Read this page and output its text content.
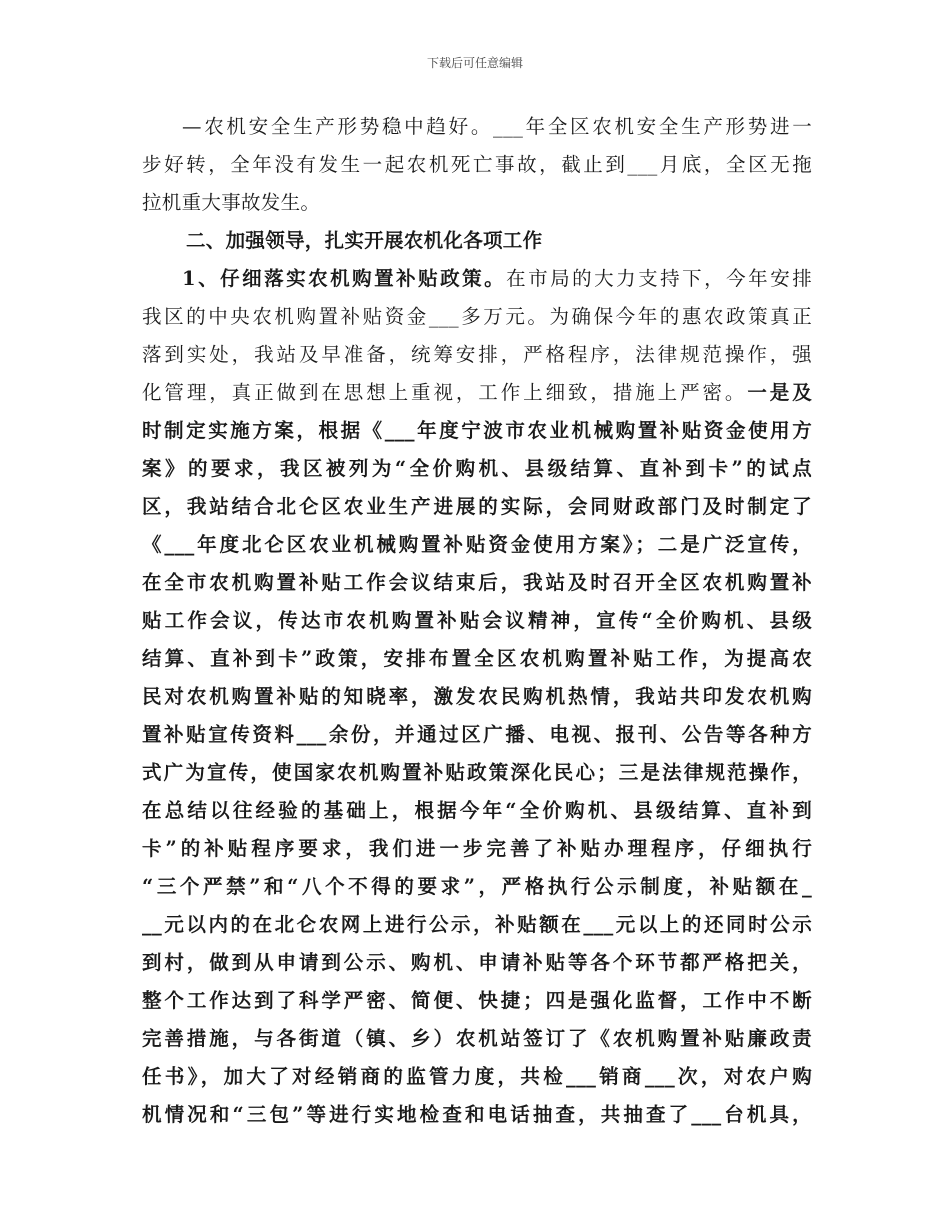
下载后可任意编辑
—农机安全生产形势稳中趋好。___年全区农机安全生产形势进一
步好转，全年没有发生一起农机死亡事故，截止到___月底，全区无拖
拉机重大事故发生。
二、加强领导，扎实开展农机化各项工作
1、仔细落实农机购置补贴政策。在市局的大力支持下，今年安排
我区的中央农机购置补贴资金___多万元。为确保今年的惠农政策真正
落到实处，我站及早准备，统筹安排，严格程序，法律规范操作，强
化管理，真正做到在思想上重视，工作上细致，措施上严密。一是及
时制定实施方案，根据《___年度宁波市农业机械购置补贴资金使用方
案》的要求，我区被列为“全价购机、县级结算、直补到卡”的试点
区，我站结合北仑区农业生产进展的实际，会同财政部门及时制定了
《___年度北仑区农业机械购置补贴资金使用方案》；二是广泛宣传，
在全市农机购置补贴工作会议结束后，我站及时召开全区农机购置补
贴工作会议，传达市农机购置补贴会议精神，宣传“全价购机、县级
结算、直补到卡”政策，安排布置全区农机购置补贴工作，为提高农
民对农机购置补贴的知晓率，激发农民购机热情，我站共印发农机购
置补贴宣传资料___余份，并通过区广播、电视、报刊、公告等各种方
式广为宣传，使国家农机购置补贴政策深化民心；三是法律规范操作，
在总结以往经验的基础上，根据今年“全价购机、县级结算、直补到
卡”的补贴程序要求，我们进一步完善了补贴办理程序，仔细执行
“三个严禁”和“八个不得的要求”，严格执行公示制度，补贴额在_
__元以内的在北仑农网上进行公示，补贴额在___元以上的还同时公示
到村，做到从申请到公示、购机、申请补贴等各个环节都严格把关，
整个工作达到了科学严密、简便、快捷；四是强化监督，工作中不断
完善措施，与各街道（镇、乡）农机站签订了《农机购置补贴廉政责
任书》，加大了对经销商的监管力度，共检___销商___次，对农户购
机情况和“三包”等进行实地检查和电话抽查，共抽查了___台机具，
